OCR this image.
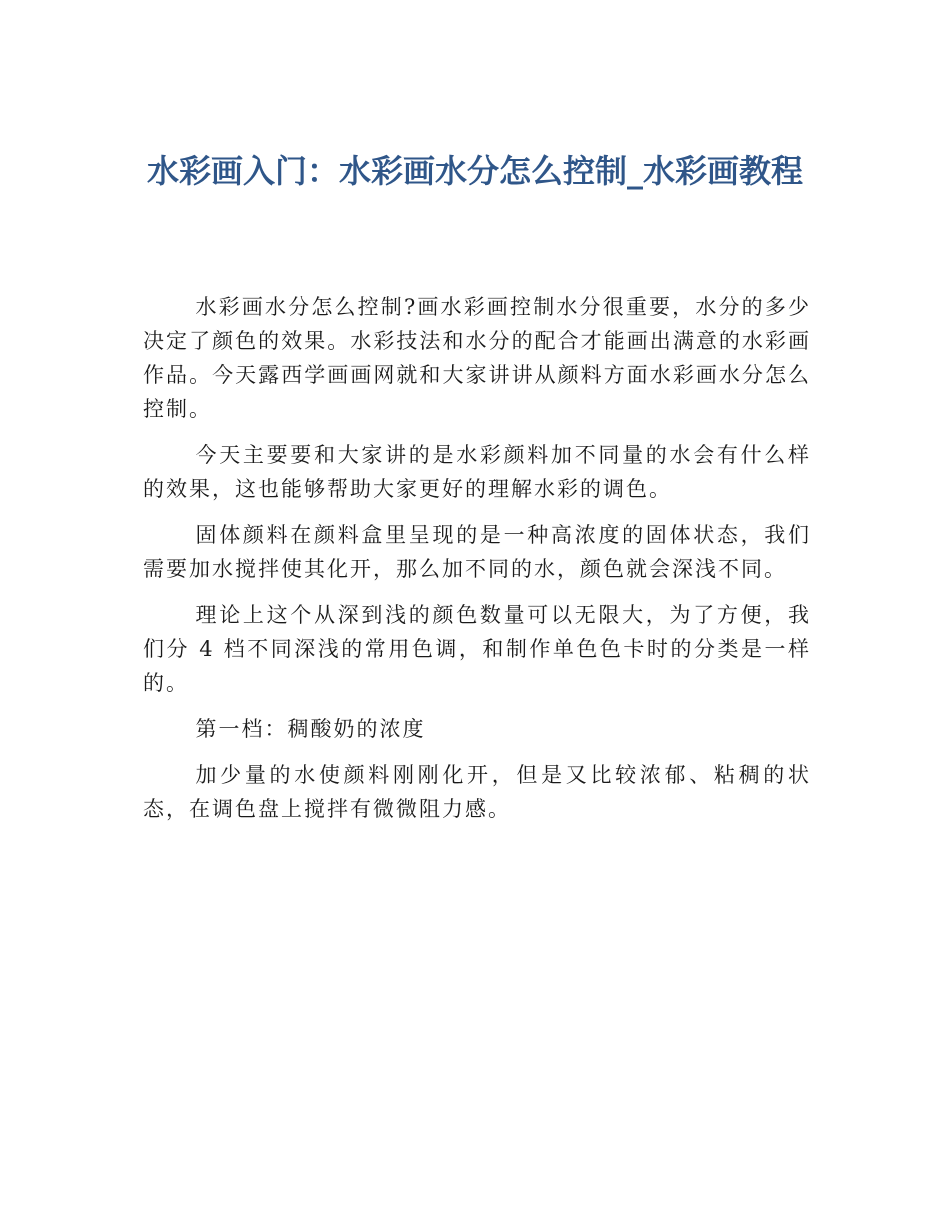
水彩画入门：水彩画水分怎么控制_水彩画教程

水彩画水分怎么控制?画水彩画控制水分很重要，水分的多少决定了颜色的效果。水彩技法和水分的配合才能画出满意的水彩画作品。今天露西学画画网就和大家讲讲从颜料方面水彩画水分怎么控制。

今天主要要和大家讲的是水彩颜料加不同量的水会有什么样的效果，这也能够帮助大家更好的理解水彩的调色。

固体颜料在颜料盒里呈现的是一种高浓度的固体状态，我们需要加水搅拌使其化开，那么加不同的水，颜色就会深浅不同。

理论上这个从深到浅的颜色数量可以无限大，为了方便，我们分 4 档不同深浅的常用色调，和制作单色色卡时的分类是一样的。

第一档：稠酸奶的浓度

加少量的水使颜料刚刚化开，但是又比较浓郁、粘稠的状态，在调色盘上搅拌有微微阻力感。
